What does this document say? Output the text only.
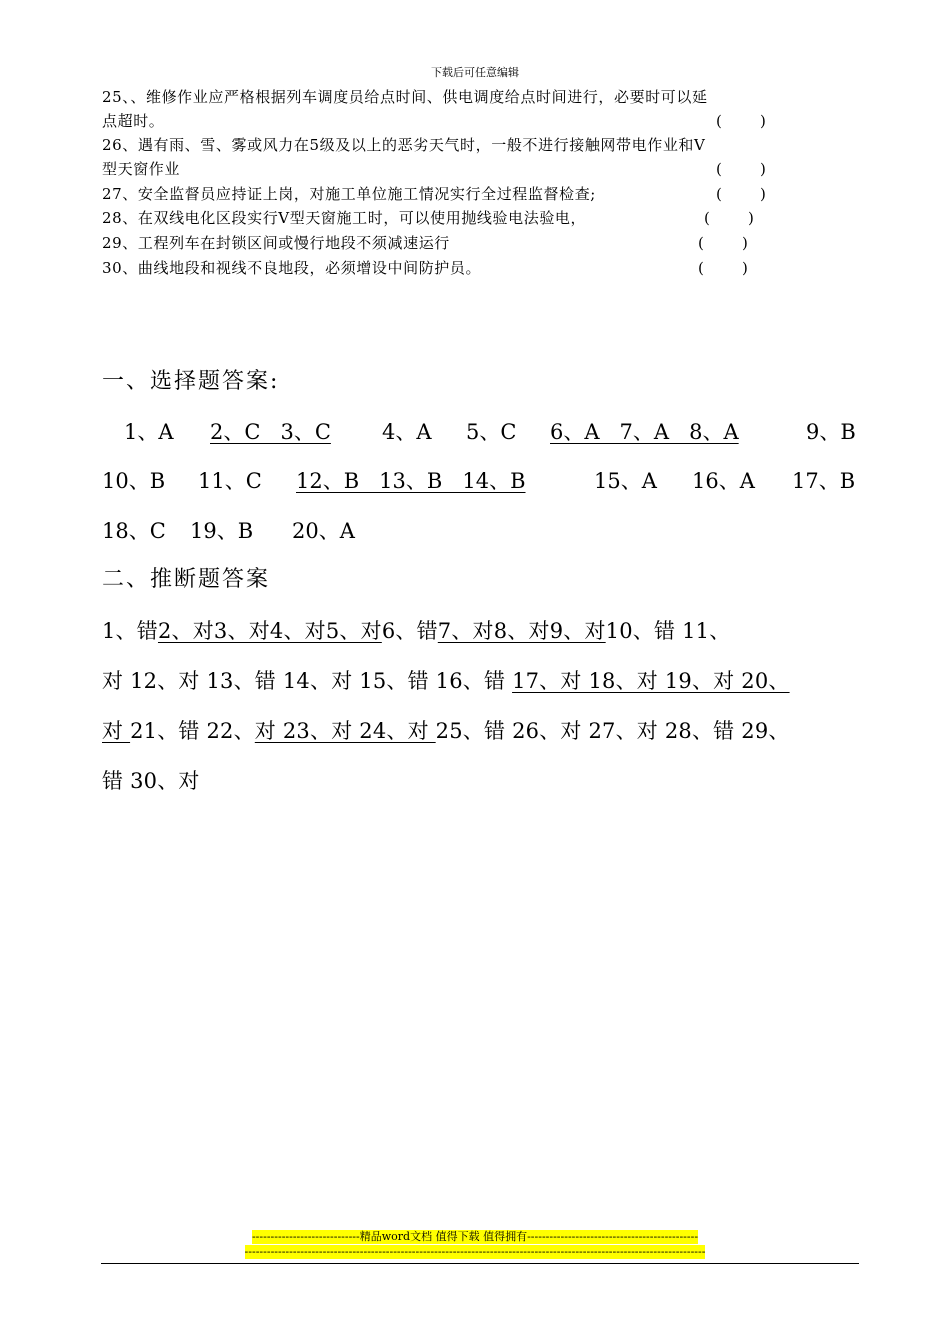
下载后可任意编辑
25、、维修作业应严格根据列车调度员给点时间、供电调度给点时间进行，必要时可以延
点超时。	(        )
26、遇有雨、雪、雾或风力在5级及以上的恶劣天气时，一般不进行接触网带电作业和V
型天窗作业	(        )
27、安全监督员应持证上岗，对施工单位施工情况实行全过程监督检查;	(        )
28、在双线电化区段实行V型天窗施工时，可以使用抛线验电法验电，	(        )
29、工程列车在封锁区间或慢行地段不须减速运行	(        )
30、曲线地段和视线不良地段，必须增设中间防护员。	(        )
一、选择题答案:
1、A 2、C   3、C 4、A 5、C 6、A   7、A   8、A	9、B
10、B 11、C 12、B   13、B   14、B	15、A 16、A 17、B
18、C 19、B 20、A
二、推断题答案
1、错2、对3、对4、对5、对6、错7、对8、对9、对10、错 11、
对 12、对 13、错 14、对 15、错 16、错 17、对 18、对 19、对 20、
对 21、错 22、对 23、对 24、对 25、错 26、对 27、对 28、错 29、
错 30、对
-----------------------------精品word文档 值得下载 值得拥有----------------------------------------------
----------------------------------------------------------------------------------------------------------------------------
